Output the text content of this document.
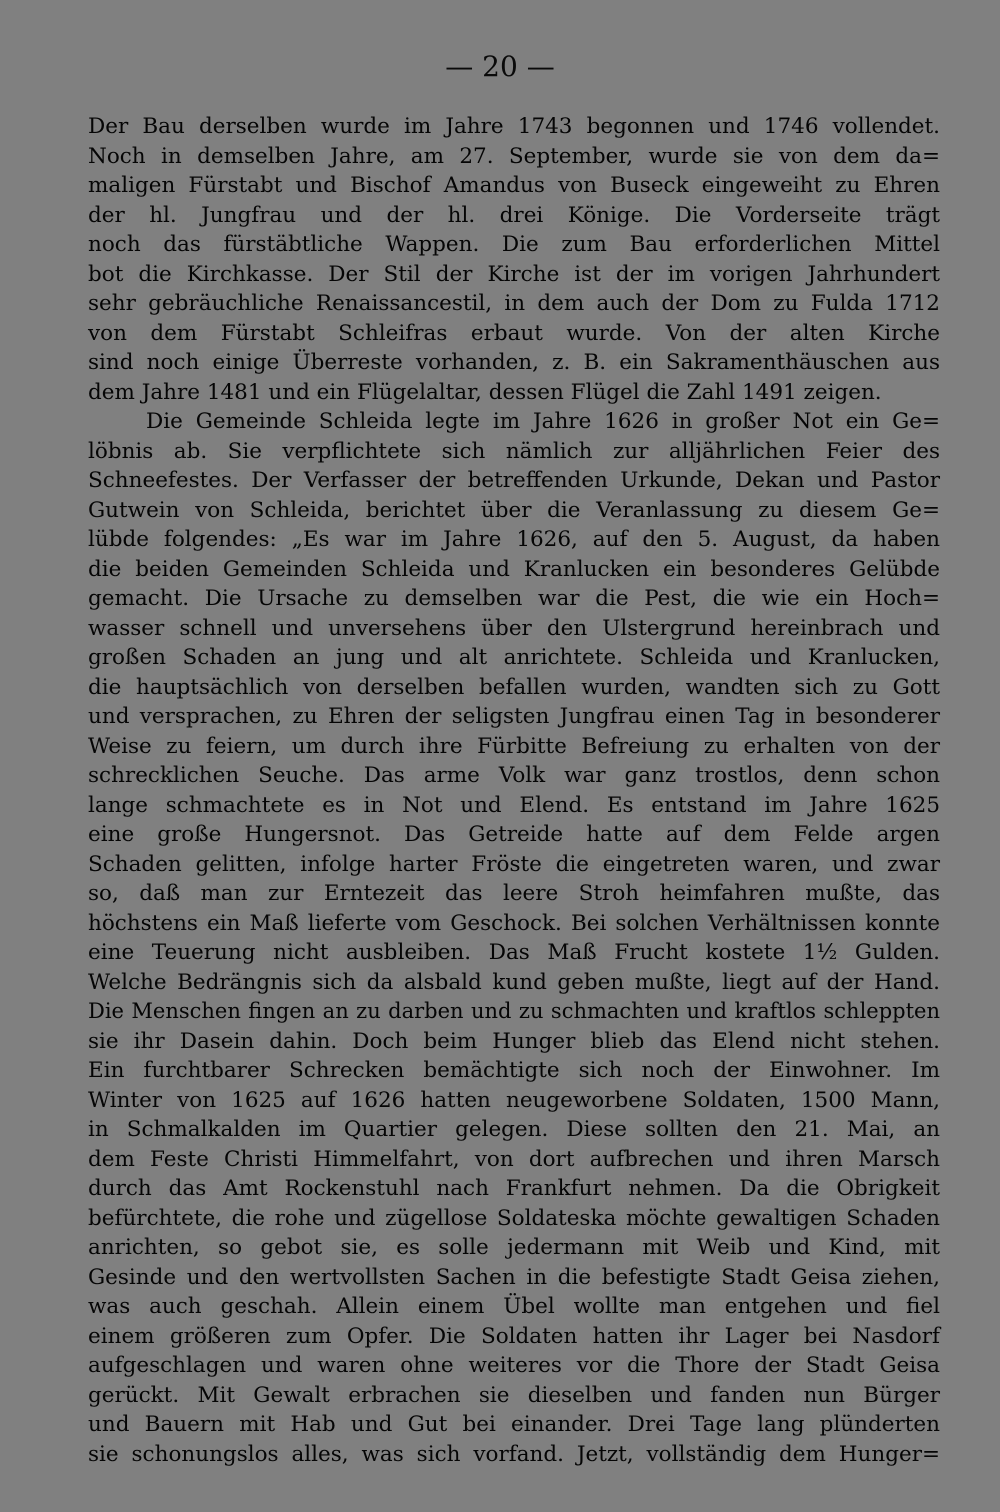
— 20 —
Der Bau derselben wurde im Jahre 1743 begonnen und 1746 vollendet.
Noch in demselben Jahre, am 27. September, wurde sie von dem da=
maligen Fürstabt und Bischof Amandus von Buseck eingeweiht zu Ehren
der hl. Jungfrau und der hl. drei Könige. Die Vorderseite trägt
noch das fürstäbtliche Wappen. Die zum Bau erforderlichen Mittel
bot die Kirchkasse. Der Stil der Kirche ist der im vorigen Jahrhundert
sehr gebräuchliche Renaissancestil, in dem auch der Dom zu Fulda 1712
von dem Fürstabt Schleifras erbaut wurde. Von der alten Kirche
sind noch einige Überreste vorhanden, z. B. ein Sakramenthäuschen aus
dem Jahre 1481 und ein Flügelaltar, dessen Flügel die Zahl 1491 zeigen.
Die Gemeinde Schleida legte im Jahre 1626 in großer Not ein Ge=
löbnis ab. Sie verpflichtete sich nämlich zur alljährlichen Feier des
Schneefestes. Der Verfasser der betreffenden Urkunde, Dekan und Pastor
Gutwein von Schleida, berichtet über die Veranlassung zu diesem Ge=
lübde folgendes: „Es war im Jahre 1626, auf den 5. August, da haben
die beiden Gemeinden Schleida und Kranlucken ein besonderes Gelübde
gemacht. Die Ursache zu demselben war die Pest, die wie ein Hoch=
wasser schnell und unversehens über den Ulstergrund hereinbrach und
großen Schaden an jung und alt anrichtete. Schleida und Kranlucken,
die hauptsächlich von derselben befallen wurden, wandten sich zu Gott
und versprachen, zu Ehren der seligsten Jungfrau einen Tag in besonderer
Weise zu feiern, um durch ihre Fürbitte Befreiung zu erhalten von der
schrecklichen Seuche. Das arme Volk war ganz trostlos, denn schon
lange schmachtete es in Not und Elend. Es entstand im Jahre 1625
eine große Hungersnot. Das Getreide hatte auf dem Felde argen
Schaden gelitten, infolge harter Fröste die eingetreten waren, und zwar
so, daß man zur Erntezeit das leere Stroh heimfahren mußte, das
höchstens ein Maß lieferte vom Geschock. Bei solchen Verhältnissen konnte
eine Teuerung nicht ausbleiben. Das Maß Frucht kostete 1½ Gulden.
Welche Bedrängnis sich da alsbald kund geben mußte, liegt auf der Hand.
Die Menschen fingen an zu darben und zu schmachten und kraftlos schleppten
sie ihr Dasein dahin. Doch beim Hunger blieb das Elend nicht stehen.
Ein furchtbarer Schrecken bemächtigte sich noch der Einwohner. Im
Winter von 1625 auf 1626 hatten neugeworbene Soldaten, 1500 Mann,
in Schmalkalden im Quartier gelegen. Diese sollten den 21. Mai, an
dem Feste Christi Himmelfahrt, von dort aufbrechen und ihren Marsch
durch das Amt Rockenstuhl nach Frankfurt nehmen. Da die Obrigkeit
befürchtete, die rohe und zügellose Soldateska möchte gewaltigen Schaden
anrichten, so gebot sie, es solle jedermann mit Weib und Kind, mit
Gesinde und den wertvollsten Sachen in die befestigte Stadt Geisa ziehen,
was auch geschah. Allein einem Übel wollte man entgehen und fiel
einem größeren zum Opfer. Die Soldaten hatten ihr Lager bei Nasdorf
aufgeschlagen und waren ohne weiteres vor die Thore der Stadt Geisa
gerückt. Mit Gewalt erbrachen sie dieselben und fanden nun Bürger
und Bauern mit Hab und Gut bei einander. Drei Tage lang plünderten
sie schonungslos alles, was sich vorfand. Jetzt, vollständig dem Hunger=
